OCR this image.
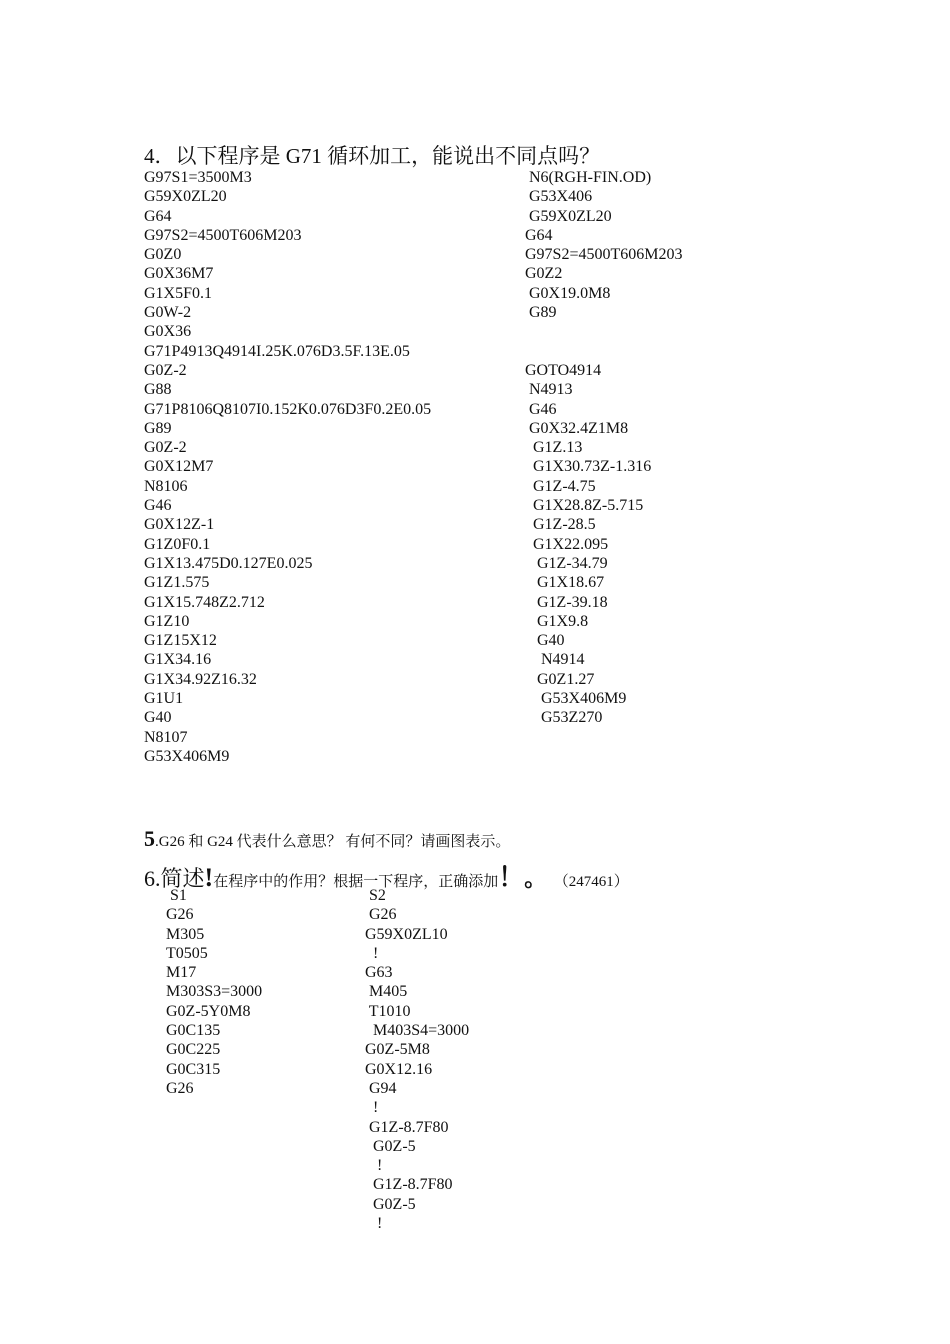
4．以下程序是 G71 循环加工，能说出不同点吗？
G97S1=3500M3
G59X0ZL20
G64
G97S2=4500T606M203
G0Z0
G0X36M7
G1X5F0.1
G0W-2
G0X36
G71P4913Q4914I.25K.076D3.5F.13E.05
G0Z-2
G88
G71P8106Q8107I0.152K0.076D3F0.2E0.05
G89
G0Z-2
G0X12M7
N8106
G46
G0X12Z-1
G1Z0F0.1
G1X13.475D0.127E0.025
G1Z1.575
G1X15.748Z2.712
G1Z10
G1Z15X12
G1X34.16
G1X34.92Z16.32
G1U1
G40
N8107
G53X406M9
N6(RGH-FIN.OD)
G53X406
G59X0ZL20
G64
G97S2=4500T606M203
G0Z2
G0X19.0M8
G89
GOTO4914
N4913
G46
G0X32.4Z1M8
G1Z.13
G1X30.73Z-1.316
G1Z-4.75
G1X28.8Z-5.715
G1Z-28.5
G1X22.095
G1Z-34.79
G1X18.67
G1Z-39.18
G1X9.8
G40
N4914
G0Z1.27
G53X406M9
G53Z270
5.G26 和 G24 代表什么意思？ 有何不同？请画图表示。
6.简述!在程序中的作用？根据一下程序，正确添加！。 （247461）
S1
G26
M305
T0505
M17
M303S3=3000
G0Z-5Y0M8
G0C135
G0C225
G0C315
G26
S2
G26
G59X0ZL10
!
G63
M405
T1010
M403S4=3000
G0Z-5M8
G0X12.16
G94
!
G1Z-8.7F80
G0Z-5
!
G1Z-8.7F80
G0Z-5
!
